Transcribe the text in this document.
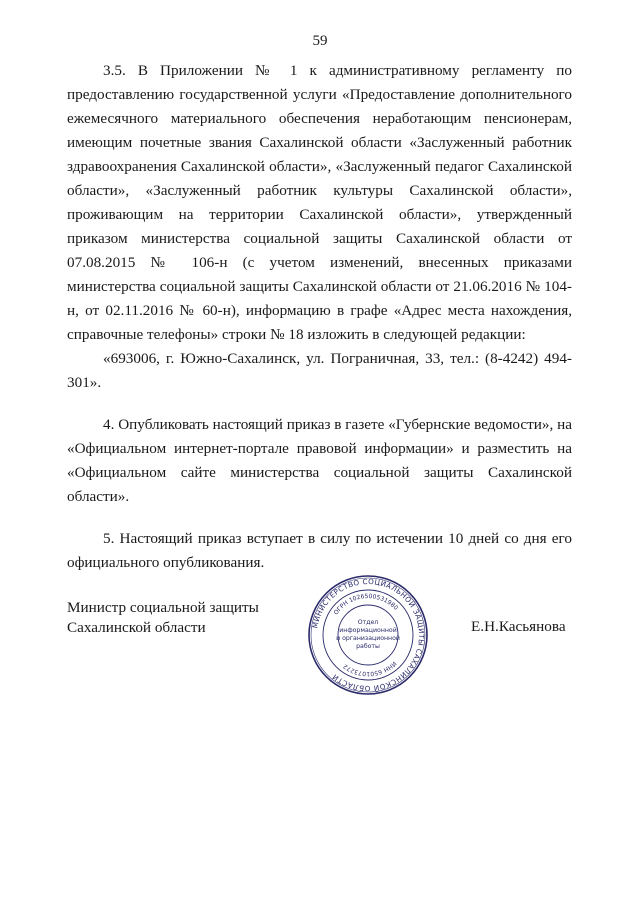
59

3.5. В Приложении № 1 к административному регламенту по предоставлению государственной услуги «Предоставление дополнительного ежемесячного материального обеспечения неработающим пенсионерам, имеющим почетные звания Сахалинской области «Заслуженный работник здравоохранения Сахалинской области», «Заслуженный педагог Сахалинской области», «Заслуженный работник культуры Сахалинской области», проживающим на территории Сахалинской области», утвержденный приказом министерства социальной защиты Сахалинской области от 07.08.2015 № 106-н (с учетом изменений, внесенных приказами министерства социальной защиты Сахалинской области от 21.06.2016 № 104-н, от 02.11.2016 № 60-н), информацию в графе «Адрес места нахождения, справочные телефоны» строки № 18 изложить в следующей редакции:

«693006, г. Южно-Сахалинск, ул. Пограничная, 33, тел.: (8-4242) 494-301».

4. Опубликовать настоящий приказ в газете «Губернские ведомости», на «Официальном интернет-портале правовой информации» и разместить на «Официальном сайте министерства социальной защиты Сахалинской области».

5. Настоящий приказ вступает в силу по истечении 10 дней со дня его официального опубликования.

Министр социальной защиты
Сахалинской области	МИНИСТЕРСТВО СОЦИАЛЬНОЙ ЗАЩИТЫ САХАЛИНСКОЙ ОБЛАСТИ
ОГРН 1026500531980
ИНН 6501073272
Отдел
информационной
и организационной
работы
Е.Н.Касьянова
